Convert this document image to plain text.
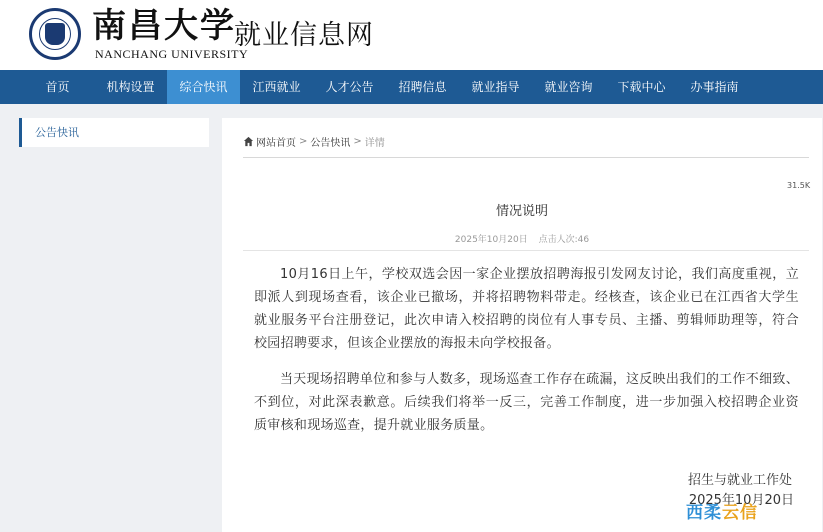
南昌大学
NANCHANG UNIVERSITY
就业信息网
首页	机构设置	综合快讯	江西就业	人才公告	招聘信息	就业指导	就业咨询	下载中心	办事指南
公告快讯
网站首页 > 公告快讯 > 详情
31.5K
情况说明
2025年10月20日 点击人次:46

10月16日上午，学校双选会因一家企业摆放招聘海报引发网友讨论，我们高度重视，立即派人到现场查看，该企业已撤场，并将招聘物料带走。经核查，该企业已在江西省大学生就业服务平台注册登记，此次申请入校招聘的岗位有人事专员、主播、剪辑师助理等，符合校园招聘要求，但该企业摆放的海报未向学校报备。

当天现场招聘单位和参与人数多，现场巡查工作存在疏漏，这反映出我们的工作不细致、不到位，对此深表歉意。后续我们将举一反三，完善工作制度，进一步加强入校招聘企业资质审核和现场巡查，提升就业服务质量。

招生与就业工作处
2025年10月20日
西柔云信
